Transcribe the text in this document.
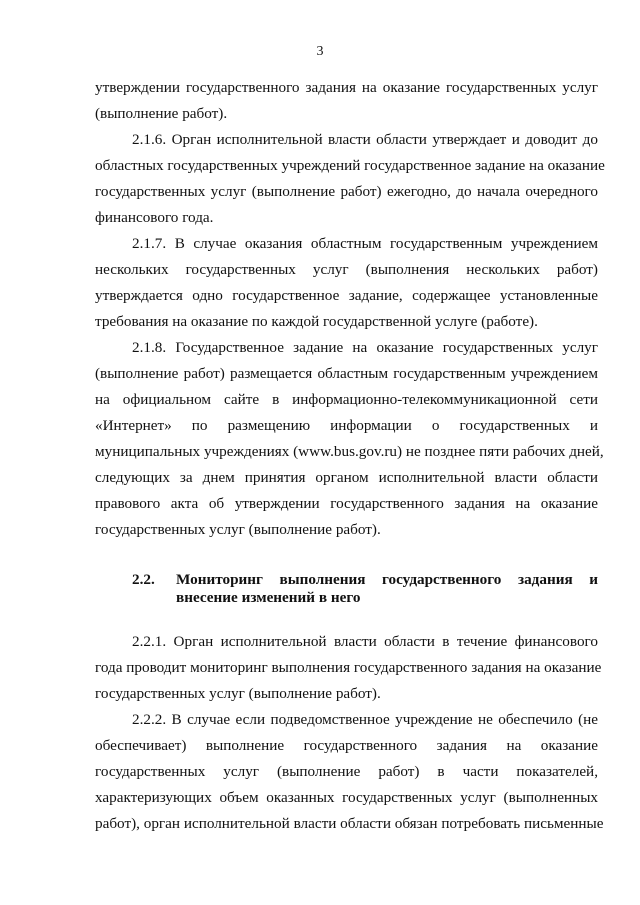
3
утверждении государственного задания на оказание государственных услуг
(выполнение работ).
2.1.6. Орган исполнительной власти области утверждает и доводит до
областных государственных учреждений государственное задание на оказание
государственных услуг (выполнение работ) ежегодно, до начала очередного
финансового года.
2.1.7. В случае оказания областным государственным учреждением
нескольких государственных услуг (выполнения нескольких работ)
утверждается одно государственное задание, содержащее установленные
требования на оказание по каждой государственной услуге (работе).
2.1.8. Государственное задание на оказание государственных услуг
(выполнение работ) размещается областным государственным учреждением
на официальном сайте в информационно-телекоммуникационной сети
«Интернет» по размещению информации о государственных и
муниципальных учреждениях (www.bus.gov.ru) не позднее пяти рабочих дней,
следующих за днем принятия органом исполнительной власти области
правового акта об утверждении государственного задания на оказание
государственных услуг (выполнение работ).
2.2. Мониторинг выполнения государственного задания и
внесение изменений в него
2.2.1. Орган исполнительной власти области в течение финансового
года проводит мониторинг выполнения государственного задания на оказание
государственных услуг (выполнение работ).
2.2.2. В случае если подведомственное учреждение не обеспечило (не
обеспечивает) выполнение государственного задания на оказание
государственных услуг (выполнение работ) в части показателей,
характеризующих объем оказанных государственных услуг (выполненных
работ), орган исполнительной власти области обязан потребовать письменные
